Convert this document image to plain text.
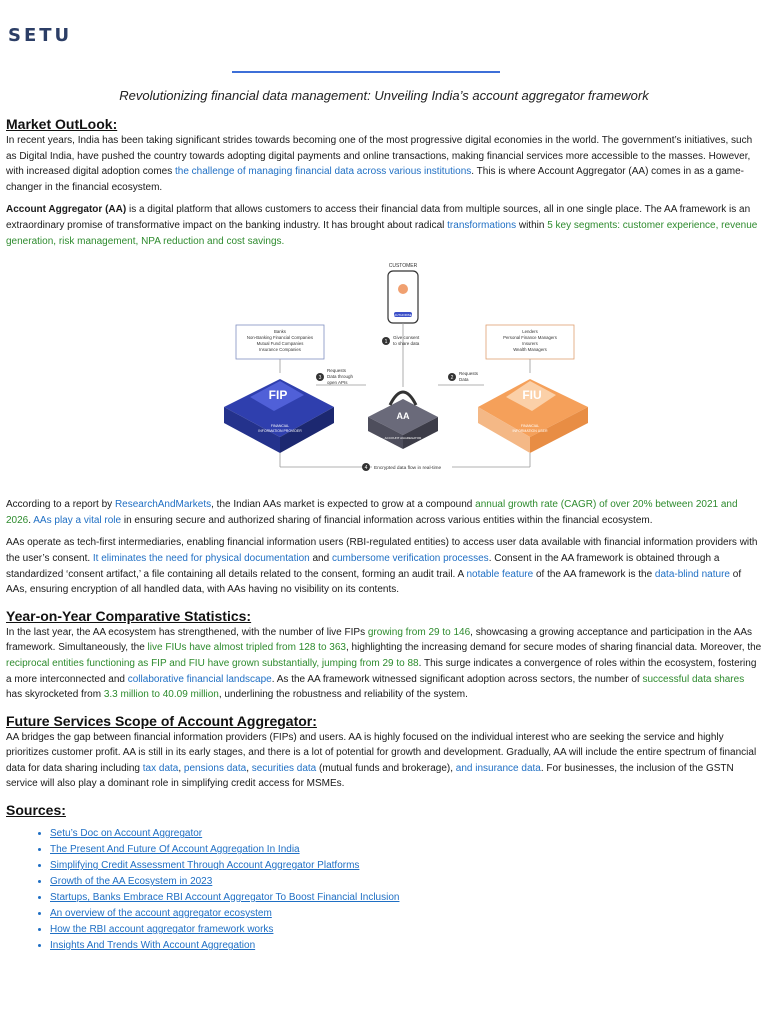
SETU
Revolutionizing financial data management: Unveiling India’s account aggregator framework
Market OutLook:

In recent years, India has been taking significant strides towards becoming one of the most progressive digital economies in the world. The government’s initiatives, such as Digital India, have pushed the country towards adopting digital payments and online transactions, making financial services more accessible to the masses. However, with increased digital adoption comes the challenge of managing financial data across various institutions. This is where Account Aggregator (AA) comes in as a game-changer in the financial ecosystem.

Account Aggregator (AA) is a digital platform that allows customers to access their financial data from multiple sources, all in one single place. The AA framework is an extraordinary promise of transformative impact on the banking industry. It has brought about radical transformations within 5 key segments: customer experience, revenue generation, risk management, NPA reduction and cost savings.

CUSTOMER
AUTHORISE
1
Give consent
to share data
Banks
Non-Banking Financial Companies
Mutual Fund Companies
Insurance Companies
FIP
FINANCIAL
INFORMATION PROVIDER
3
Requests
Data through
open APIs
AA
ACCOUNT AGGREGATOR
2
Requests
Data
Lenders
Personal Finance Managers
Insurers
Wealth Managers
FIU
FINANCIAL
INFORMATION USER
4 Encrypted data flow in real-time

According to a report by ResearchAndMarkets, the Indian AAs market is expected to grow at a compound annual growth rate (CAGR) of over 20% between 2021 and 2026. AAs play a vital role in ensuring secure and authorized sharing of financial information across various entities within the financial ecosystem.

AAs operate as tech-first intermediaries, enabling financial information users (RBI-regulated entities) to access user data available with financial information providers with the user’s consent. It eliminates the need for physical documentation and cumbersome verification processes. Consent in the AA framework is obtained through a standardized ‘consent artifact,’ a file containing all details related to the consent, forming an audit trail. A notable feature of the AA framework is the data-blind nature of AAs, ensuring encryption of all handled data, with AAs having no visibility on its contents.

Year-on-Year Comparative Statistics:

In the last year, the AA ecosystem has strengthened, with the number of live FIPs growing from 29 to 146, showcasing a growing acceptance and participation in the AAs framework. Simultaneously, the live FIUs have almost tripled from 128 to 363, highlighting the increasing demand for secure modes of sharing financial data. Moreover, the reciprocal entities functioning as FIP and FIU have grown substantially, jumping from 29 to 88. This surge indicates a convergence of roles within the ecosystem, fostering a more interconnected and collaborative financial landscape. As the AA framework witnessed significant adoption across sectors, the number of successful data shares has skyrocketed from 3.3 million to 40.09 million, underlining the robustness and reliability of the system.

Future Services Scope of Account Aggregator:

AA bridges the gap between financial information providers (FIPs) and users. AA is highly focused on the individual interest who are seeking the service and highly prioritizes customer profit. AA is still in its early stages, and there is a lot of potential for growth and development. Gradually, AA will include the entire spectrum of financial data for data sharing including tax data, pensions data, securities data (mutual funds and brokerage), and insurance data. For businesses, the inclusion of the GSTN service will also play a dominant role in simplifying credit access for MSMEs.

Sources:
• Setu’s Doc on Account Aggregator
• The Present And Future Of Account Aggregation In India
• Simplifying Credit Assessment Through Account Aggregator Platforms
• Growth of the AA Ecosystem in 2023
• Startups, Banks Embrace RBI Account Aggregator To Boost Financial Inclusion
• An overview of the account aggregator ecosystem
• How the RBI account aggregator framework works
• Insights And Trends With Account Aggregation
